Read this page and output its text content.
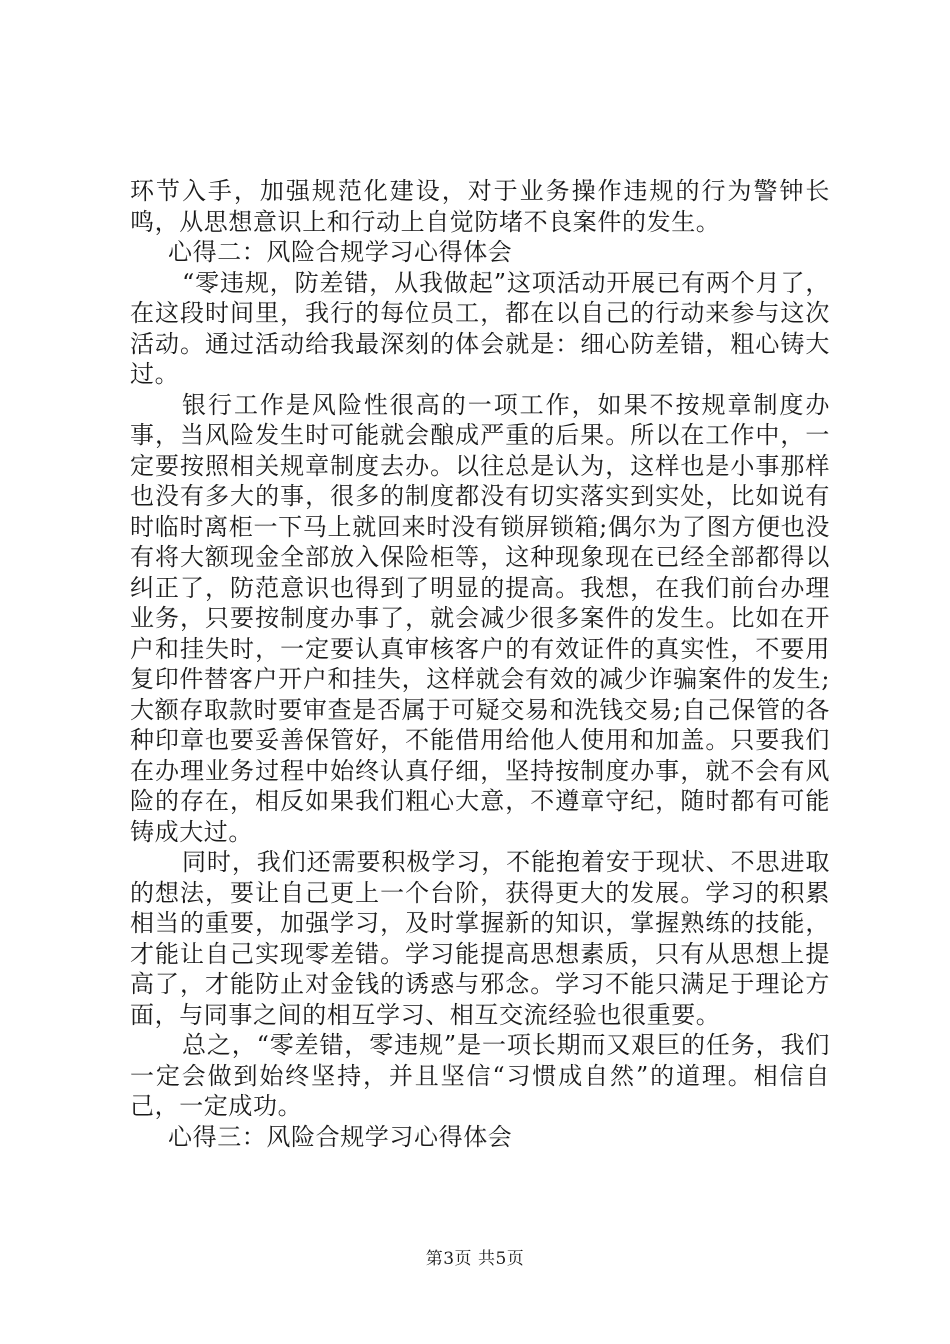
环节入手，加强规范化建设，对于业务操作违规的行为警钟长鸣，从思想意识上和行动上自觉防堵不良案件的发生。

心得二：风险合规学习心得体会

“零违规，防差错，从我做起”这项活动开展已有两个月了，在这段时间里，我行的每位员工，都在以自己的行动来参与这次活动。通过活动给我最深刻的体会就是：细心防差错，粗心铸大过。

银行工作是风险性很高的一项工作，如果不按规章制度办事，当风险发生时可能就会酿成严重的后果。所以在工作中，一定要按照相关规章制度去办。以往总是认为，这样也是小事那样也没有多大的事，很多的制度都没有切实落实到实处，比如说有时临时离柜一下马上就回来时没有锁屏锁箱;偶尔为了图方便也没有将大额现金全部放入保险柜等，这种现象现在已经全部都得以纠正了，防范意识也得到了明显的提高。我想，在我们前台办理业务，只要按制度办事了，就会减少很多案件的发生。比如在开户和挂失时，一定要认真审核客户的有效证件的真实性，不要用复印件替客户开户和挂失，这样就会有效的减少诈骗案件的发生;大额存取款时要审查是否属于可疑交易和洗钱交易;自己保管的各种印章也要妥善保管好，不能借用给他人使用和加盖。只要我们在办理业务过程中始终认真仔细，坚持按制度办事，就不会有风险的存在，相反如果我们粗心大意，不遵章守纪，随时都有可能铸成大过。

同时，我们还需要积极学习，不能抱着安于现状、不思进取的想法，要让自己更上一个台阶，获得更大的发展。学习的积累相当的重要，加强学习，及时掌握新的知识，掌握熟练的技能，才能让自己实现零差错。学习能提高思想素质，只有从思想上提高了，才能防止对金钱的诱惑与邪念。学习不能只满足于理论方面，与同事之间的相互学习、相互交流经验也很重要。

总之，“零差错，零违规”是一项长期而又艰巨的任务，我们一定会做到始终坚持，并且坚信“习惯成自然”的道理。相信自己，一定成功。

心得三：风险合规学习心得体会

第3页 共5页
